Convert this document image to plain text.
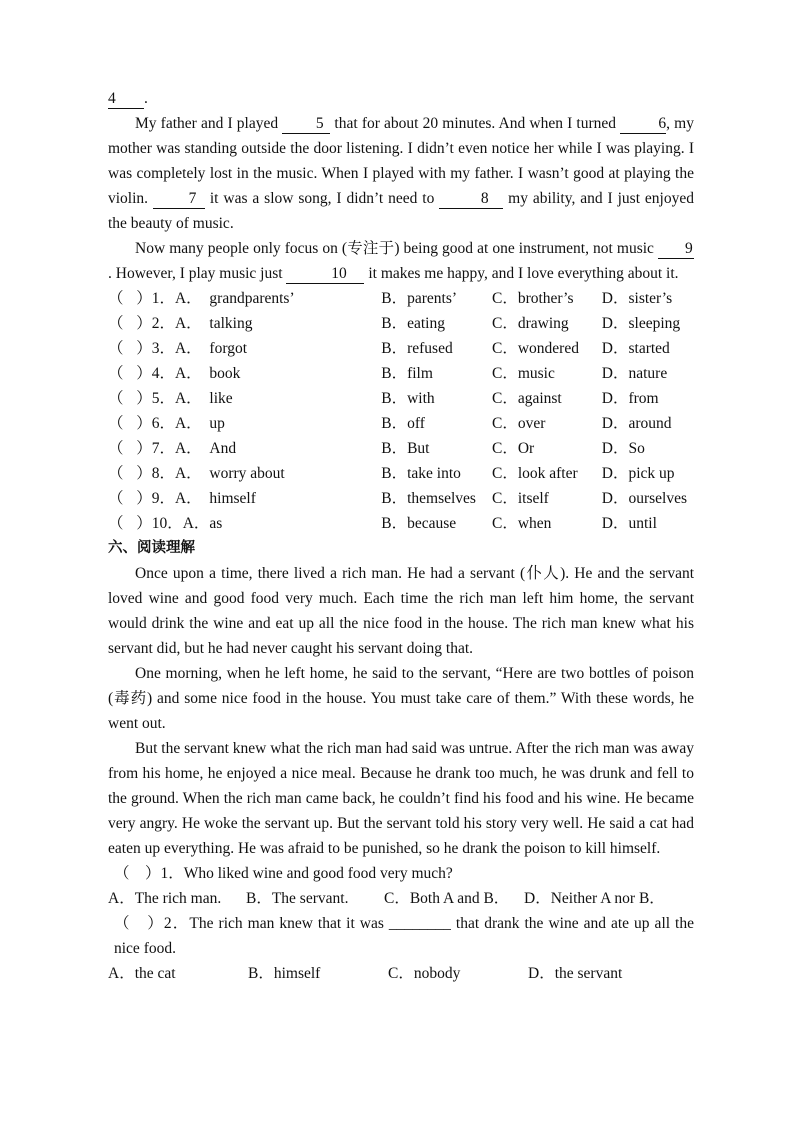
4 .

My father and I played 5 that for about 20 minutes. And when I turned 6, my mother was standing outside the door listening. I didn’t even notice her while I was playing. I was completely lost in the music. When I played with my father. I wasn’t good at playing the violin. 7 it was a slow song, I didn’t need to	8 my ability, and I just enjoyed the beauty of music.

Now many people only focus on (专注于) being good at one instrument, not music 9. However, I play music just	10 it makes me happy, and I love everything about it.

（	）1．A．	grandparents’	B．parents’	C．brother’s	D．sister’s
（	）2．A．	talking	B．eating	C．drawing	D．sleeping
（	）3．A．	forgot	B．refused	C．wondered	D．started
（	）4．A．	book	B．film	C．music	D．nature
（	）5．A．	like	B．with	C．against	D．from
（	）6．A．	up	B．off	C．over	D．around
（	）7．A．	And	B．But	C．Or	D．So
（	）8．A．	worry about	B．take into	C．look after	D．pick up
（	）9．A．	himself	B．themselves	C．itself	D．ourselves
（	）10．A．	as	B．because	C．when	D．until
六、阅读理解

Once upon a time, there lived a rich man. He had a servant (仆人). He and the servant loved wine and good food very much. Each time the rich man left him home, the servant would drink the wine and eat up all the nice food in the house. The rich man knew what his servant did, but he had never caught his servant doing that.

One morning, when he left home, he said to the servant, “Here are two bottles of poison (毒药) and some nice food in the house. You must take care of them.” With these words, he went out.

But the servant knew what the rich man had said was untrue. After the rich man was away from his home, he enjoyed a nice meal. Because he drank too much, he was drunk and fell to the ground. When the rich man came back, he couldn’t find his food and his wine. He became very angry. He woke the servant up. But the servant told his story very well. He said a cat had eaten up everything. He was afraid to be punished, so he drank the poison to kill himself.

（　）1．Who liked wine and good food very much?

A．The rich man.	B．The servant.	C．Both A and B． D．Neither A nor B．

（　）2．The rich man knew that it was ________ that drank the wine and ate up all the nice food.

A．the cat	B．himself	C．nobody	D．the servant
